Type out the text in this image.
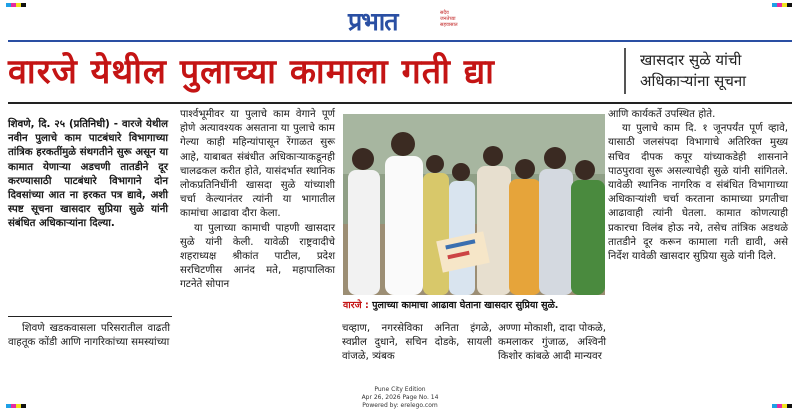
प्रभात	सदैव जनतेच्या सहवासात
वारजे येथील पुलाच्या कामाला गती द्या	खासदार सुळे यांची अधिकाऱ्यांना सूचना
शिवणे, दि. २५ (प्रतिनिधी) - वारजे येथील नवीन पुलाचे काम पाटबंधारे विभागाच्या तांत्रिक हरकतींमुळे संथगतीने सुरू असून या कामात येणाऱ्या अडचणी तातडीने दूर करण्यासाठी पाटबंधारे विभागाने दोन दिवसांच्या आत ना हरकत पत्र द्यावे, अशी स्पष्ट सूचना खासदार सुप्रिया सुळे यांनी संबंधित अधिकाऱ्यांना दिल्या.
शिवणे खडकवासला परिसरातील वाढती वाहतूक कोंडी आणि नागरिकांच्या समस्यांच्या

पार्श्वभूमीवर या पुलाचे काम वेगाने पूर्ण होणे अत्यावश्यक असताना या पुलाचे काम गेल्या काही महिन्यांपासून रेंगाळत सुरू आहे, याबाबत संबंधीत अधिकाऱ्याकडूनही चालढकल करीत होते, यासंदर्भात स्थानिक लोकप्रतिनिधींनी खासदा सुळे यांच्याशी चर्चा केल्यानंतर त्यांनी या भागातील कामांचा आढावा दौरा केला.

या पुलाच्या कामाची पाहणी खासदार सुळे यांनी केली. यावेळी राष्ट्रवादीचे शहराध्यक्ष श्रीकांत पाटील, प्रदेश सरचिटणीस आनंद मते, महापालिका गटनेते सोपान

वारजे : पुलाच्या कामाचा आढावा घेताना खासदार सुप्रिया सुळे.
चव्हाण, नगरसेविका अनिता इंगळे, स्वप्नील दुधाने, सचिन दोडके, सायली वांजळे, त्र्यंबक
अण्णा मोकाशी, दादा पोकळे, कमलाकर गुंजाळ, अश्विनी किशोर कांबळे आदी मान्यवर

आणि कार्यकर्ते उपस्थित होते.

या पुलाचे काम दि. १ जूनपर्यंत पूर्ण व्हावे, यासाठी जलसंपदा विभागाचे अतिरिक्त मुख्य सचिव दीपक कपूर यांच्याकडेही शासनाने पाठपुरावा सुरू असल्याचेही सुळे यांनी सांगितले. यावेळी स्थानिक नागरिक व संबंधित विभागाच्या अधिकाऱ्यांशी चर्चा करताना कामाच्या प्रगतीचा आढावाही त्यांनी घेतला. कामात कोणत्याही प्रकारचा विलंब होऊ नये, तसेच तांत्रिक अडथळे तातडीने दूर करून कामाला गती द्यावी, असे निर्देश यावेळी खासदार सुप्रिया सुळे यांनी दिले.

Pune City Edition
Apr 26, 2026 Page No. 14
Powered by: erelego.com
